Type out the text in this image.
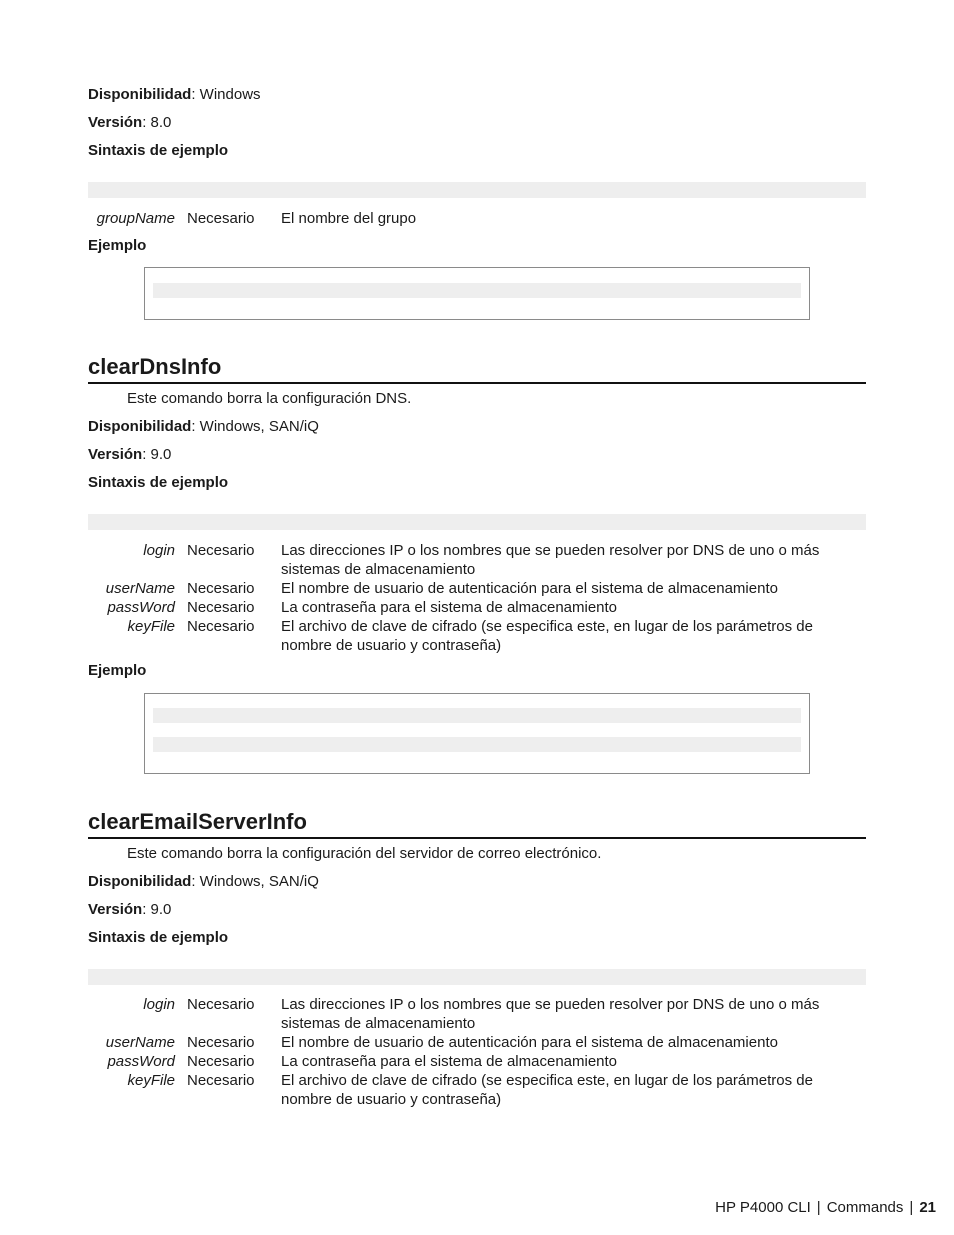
Disponibilidad: Windows
Versión: 8.0
Sintaxis de ejemplo
groupName	Necesario	El nombre del grupo
Ejemplo
clearDnsInfo
Este comando borra la configuración DNS.
Disponibilidad: Windows, SAN/iQ
Versión: 9.0
Sintaxis de ejemplo
login	Necesario	Las direcciones IP o los nombres que se pueden resolver por DNS de uno o más sistemas de almacenamiento
userName	Necesario	El nombre de usuario de autenticación para el sistema de almacenamiento
passWord	Necesario	La contraseña para el sistema de almacenamiento
keyFile	Necesario	El archivo de clave de cifrado (se especifica este, en lugar de los parámetros de nombre de usuario y contraseña)
Ejemplo
clearEmailServerInfo
Este comando borra la configuración del servidor de correo electrónico.
Disponibilidad: Windows, SAN/iQ
Versión: 9.0
Sintaxis de ejemplo
login	Necesario	Las direcciones IP o los nombres que se pueden resolver por DNS de uno o más sistemas de almacenamiento
userName	Necesario	El nombre de usuario de autenticación para el sistema de almacenamiento
passWord	Necesario	La contraseña para el sistema de almacenamiento
keyFile	Necesario	El archivo de clave de cifrado (se especifica este, en lugar de los parámetros de nombre de usuario y contraseña)
HP P4000 CLI | Commands | 21
